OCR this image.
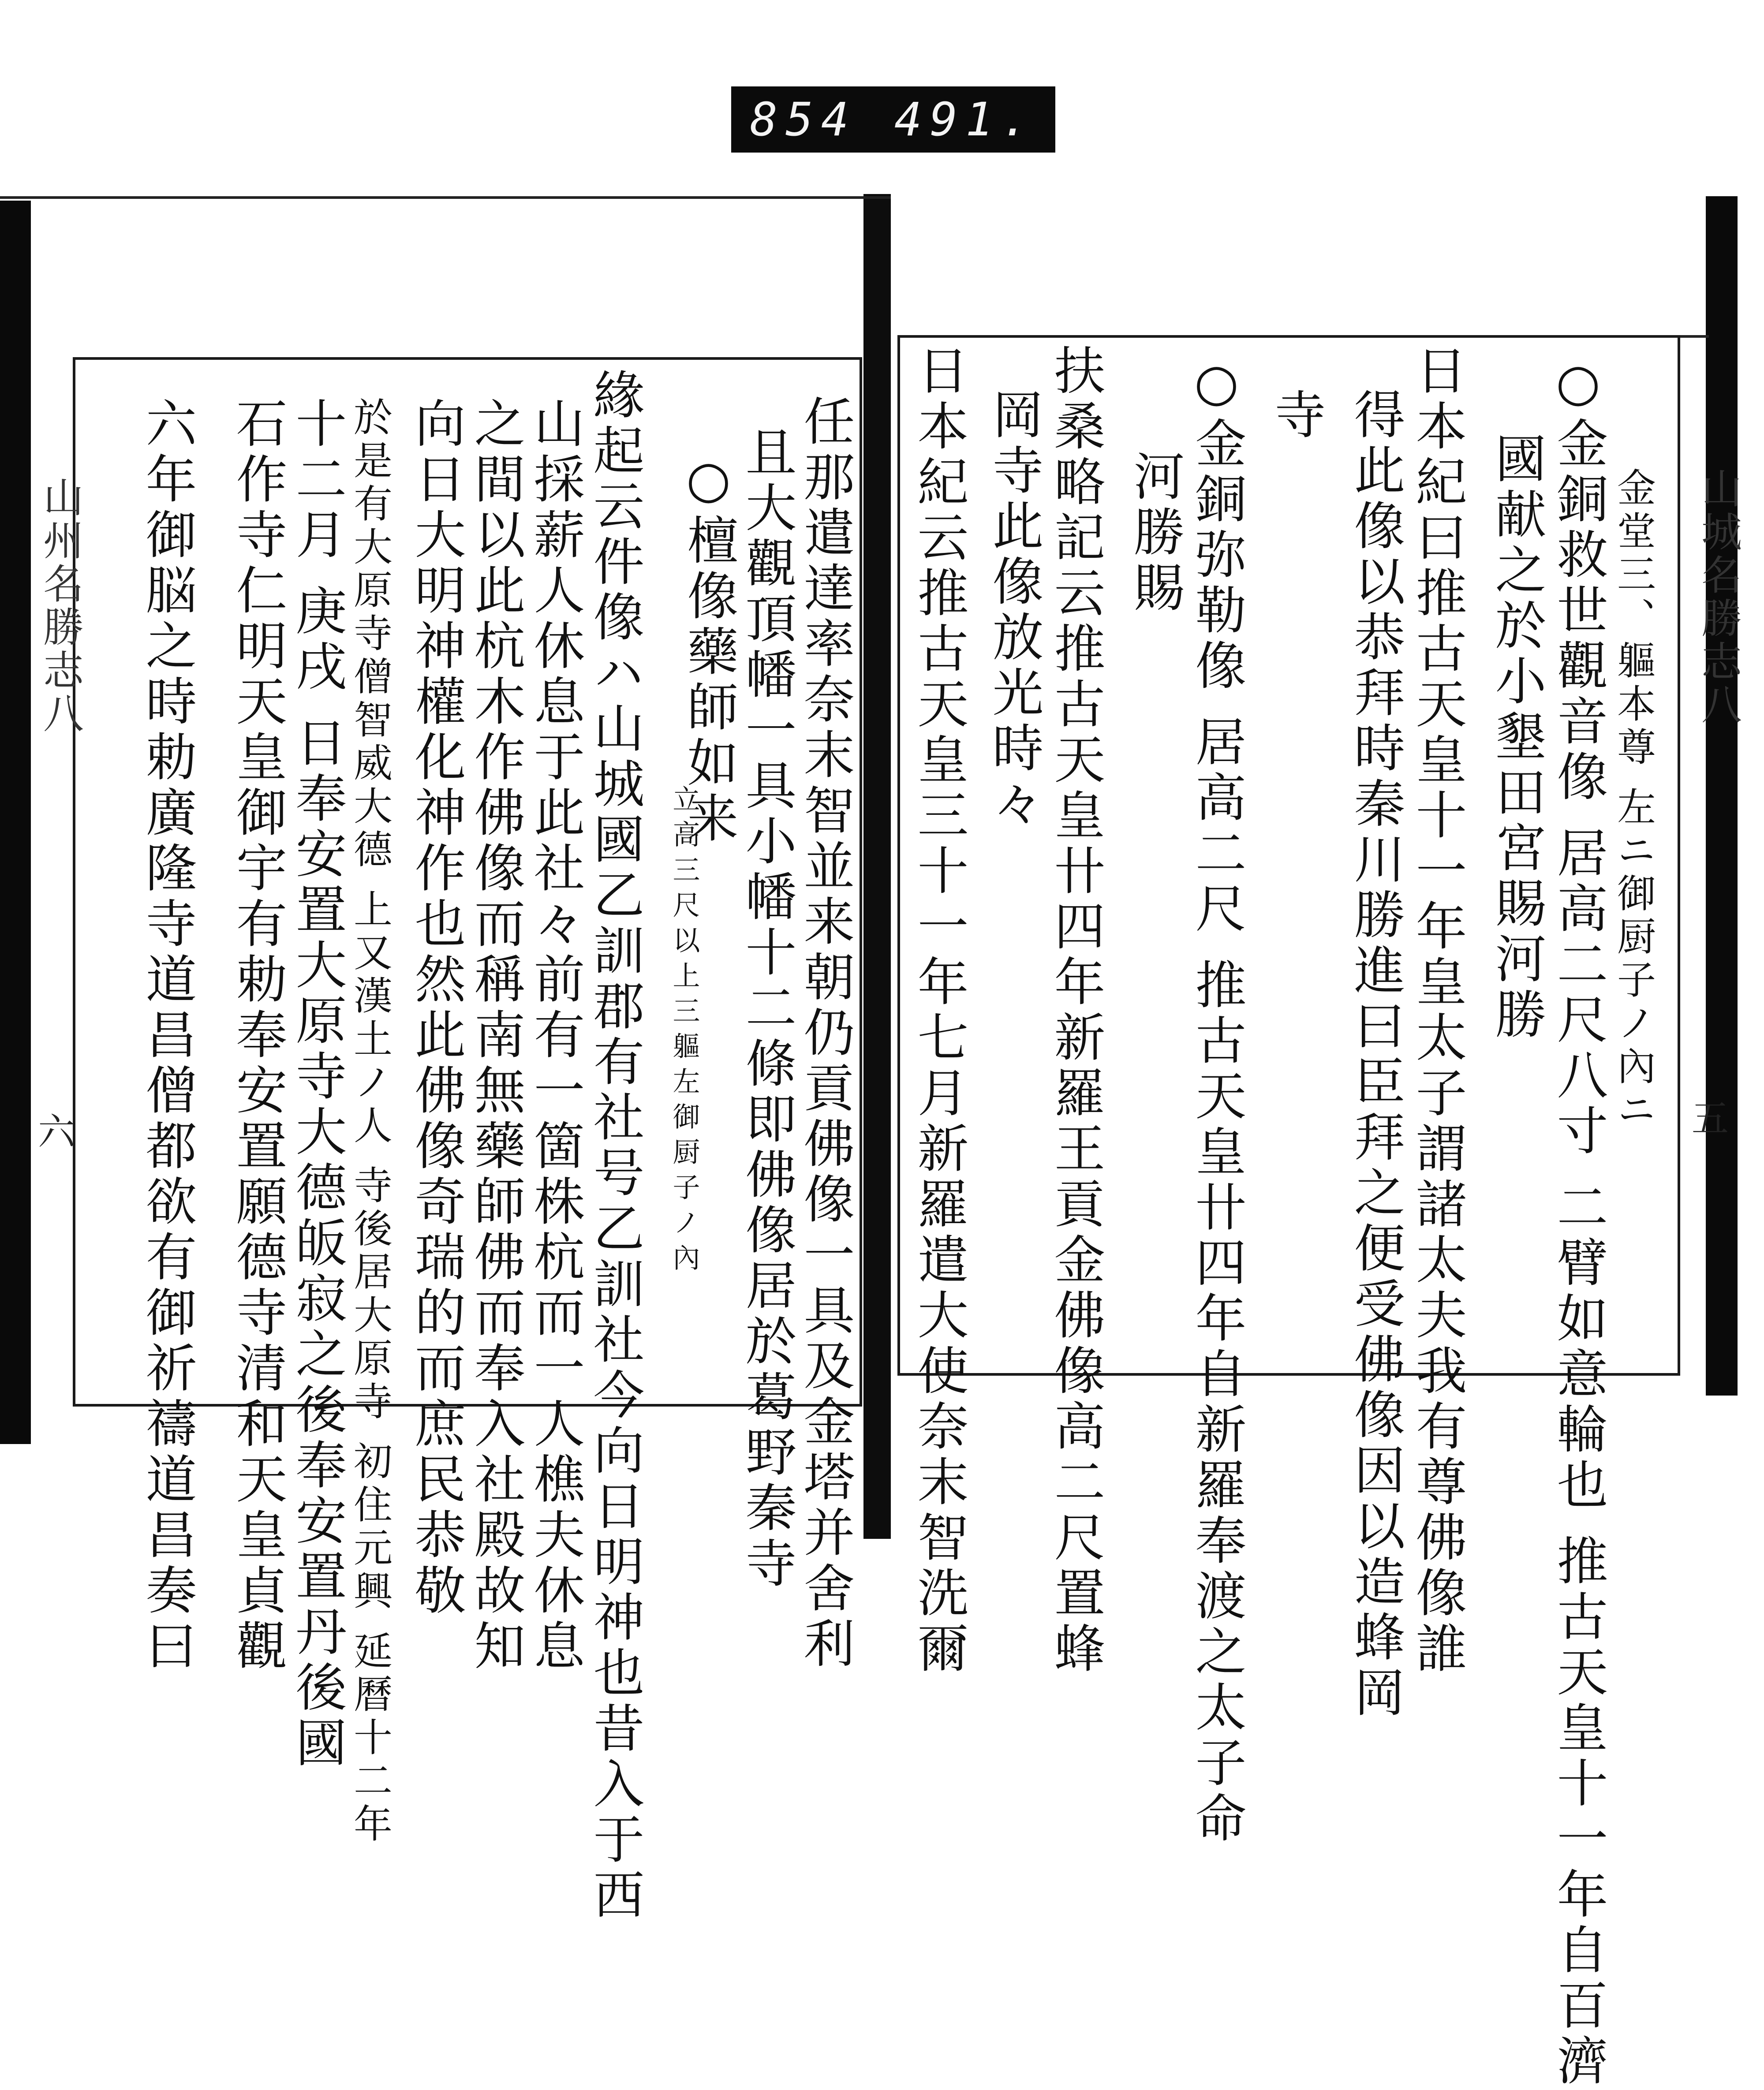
854 491.
山州名勝志八
六	任那遣達率奈末智並来朝仍貢佛像一具及金塔并舍利
且大觀頂幡一具小幡十二條即佛像居於葛野秦寺
○檀像藥師如来
立高三尺以上三軀左御厨子ノ內
緣起云件像ハ山城國乙訓郡有社号乙訓社今向日明神也昔入于西
山採薪人休息于此社々前有一箇株杭而一人樵夫休息
之間以此杭木作佛像而稱南無藥師佛而奉入社殿故知
向日大明神權化神作也然此佛像奇瑞的而庶民恭敬
於是有大原寺僧智威大德 上又漢土ノ人 寺後居大原寺 初住元興 延曆十二年
十二月 庚戌 日奉安置大原寺大德皈寂之後奉安置丹後國
石作寺仁明天皇御宇有勅奉安置願德寺清和天皇貞觀
六年御脳之時勅廣隆寺道昌僧都欲有御祈禱道昌奏曰	山城名勝志八
五
金堂三、軀本尊 左ニ御厨子ノ內ニ
○金銅救世觀音像 居高二尺八寸 二臂如意輪也 推古天皇十一年自百濟
國献之於小墾田宮賜河勝
日本紀曰推古天皇十一年皇太子謂諸太夫我有尊佛像誰
得此像以恭拜時秦川勝進曰臣拜之便受佛像因以造蜂岡
寺
○金銅弥勒像 居高二尺 推古天皇卄四年自新羅奉渡之太子命
河勝賜
扶桑略記云推古天皇卄四年新羅王貢金佛像高二尺置蜂
岡寺此像放光時々
日本紀云推古天皇三十一年七月新羅遣大使奈末智洗爾
